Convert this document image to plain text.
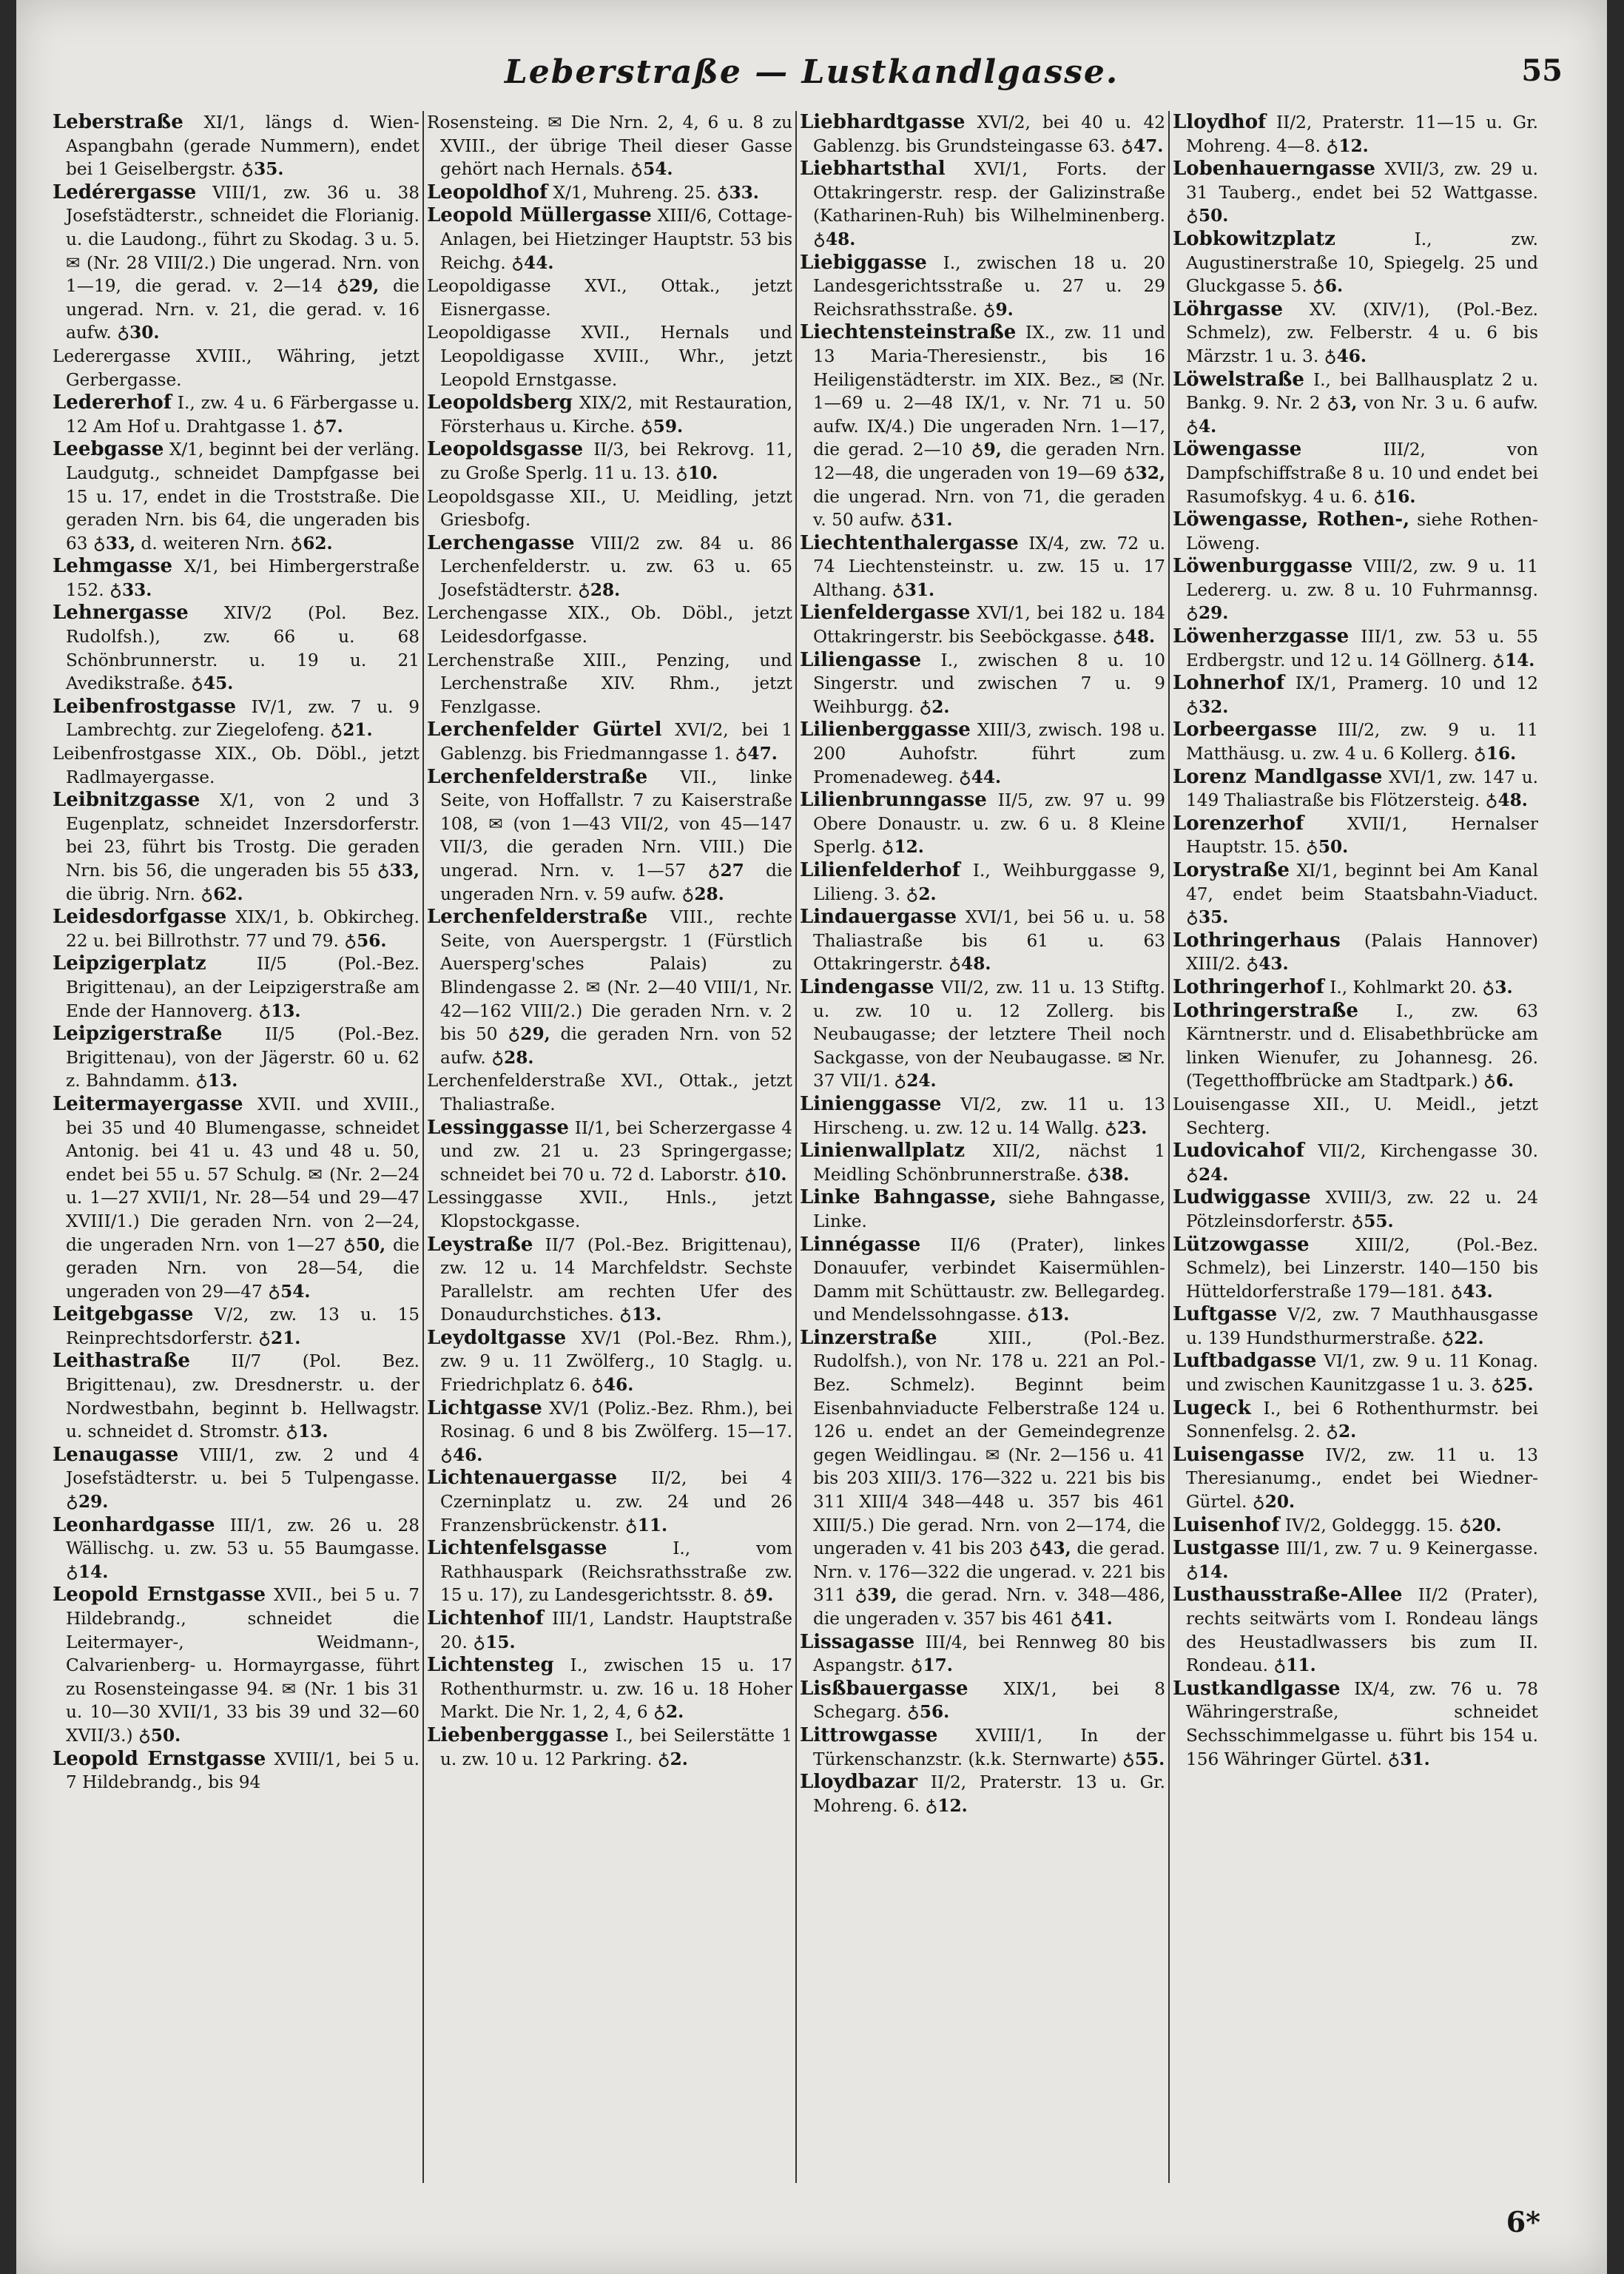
Leberstraße — Lustkandlgasse.	55

Leberstraße XI/1, längs d. Wien-Aspangbahn (gerade Nummern), endet bei 1 Geiselbergstr. ♁35.

Ledérergasse VIII/1, zw. 36 u. 38 Josefstädterstr., schneidet die Florianig. u. die Laudong., führt zu Skodag. 3 u. 5. ✉ (Nr. 28 VIII/2.) Die ungerad. Nrn. von 1—19, die gerad. v. 2—14 ♁29, die ungerad. Nrn. v. 21, die gerad. v. 16 aufw. ♁30.

Lederergasse XVIII., Währing, jetzt Gerbergasse.

Ledererhof I., zw. 4 u. 6 Färbergasse u. 12 Am Hof u. Drahtgasse 1. ♁7.

Leebgasse X/1, beginnt bei der verläng. Laudgutg., schneidet Dampfgasse bei 15 u. 17, endet in die Troststraße. Die geraden Nrn. bis 64, die ungeraden bis 63 ♁33, d. weiteren Nrn. ♁62.

Lehmgasse X/1, bei Himbergerstraße 152. ♁33.

Lehnergasse XIV/2 (Pol. Bez. Rudolfsh.), zw. 66 u. 68 Schönbrunnerstr. u. 19 u. 21 Avedikstraße. ♁45.

Leibenfrostgasse IV/1, zw. 7 u. 9 Lambrechtg. zur Ziegelofeng. ♁21.

Leibenfrostgasse XIX., Ob. Döbl., jetzt Radlmayergasse.

Leibnitzgasse X/1, von 2 und 3 Eugenplatz, schneidet Inzersdorferstr. bei 23, führt bis Trostg. Die geraden Nrn. bis 56, die ungeraden bis 55 ♁33, die übrig. Nrn. ♁62.

Leidesdorfgasse XIX/1, b. Obkircheg. 22 u. bei Billrothstr. 77 und 79. ♁56.

Leipzigerplatz II/5 (Pol.-Bez. Brigittenau), an der Leipzigerstraße am Ende der Hannoverg. ♁13.

Leipzigerstraße II/5 (Pol.-Bez. Brigittenau), von der Jägerstr. 60 u. 62 z. Bahndamm. ♁13.

Leitermayergasse XVII. und XVIII., bei 35 und 40 Blumengasse, schneidet Antonig. bei 41 u. 43 und 48 u. 50, endet bei 55 u. 57 Schulg. ✉ (Nr. 2—24 u. 1—27 XVII/1, Nr. 28—54 und 29—47 XVIII/1.) Die geraden Nrn. von 2—24, die ungeraden Nrn. von 1—27 ♁50, die geraden Nrn. von 28—54, die ungeraden von 29—47 ♁54.

Leitgebgasse V/2, zw. 13 u. 15 Reinprechtsdorferstr. ♁21.

Leithastraße II/7 (Pol. Bez. Brigittenau), zw. Dresdnerstr. u. der Nordwestbahn, beginnt b. Hellwagstr. u. schneidet d. Stromstr. ♁13.

Lenaugasse VIII/1, zw. 2 und 4 Josefstädterstr. u. bei 5 Tulpengasse. ♁29.

Leonhardgasse III/1, zw. 26 u. 28 Wällischg. u. zw. 53 u. 55 Baumgasse. ♁14.

Leopold Ernstgasse XVII., bei 5 u. 7 Hildebrandg., schneidet die Leitermayer-, Weidmann-, Calvarienberg- u. Hormayrgasse, führt zu Rosensteingasse 94. ✉ (Nr. 1 bis 31 u. 10—30 XVII/1, 33 bis 39 und 32—60 XVII/3.) ♁50.

Leopold Ernstgasse XVIII/1, bei 5 u. 7 Hildebrandg., bis 94

Rosensteing. ✉ Die Nrn. 2, 4, 6 u. 8 zu XVIII., der übrige Theil dieser Gasse gehört nach Hernals. ♁54.

Leopoldhof X/1, Muhreng. 25. ♁33.

Leopold Müllergasse XIII/6, Cottage-Anlagen, bei Hietzinger Hauptstr. 53 bis Reichg. ♁44.

Leopoldigasse XVI., Ottak., jetzt Eisnergasse.

Leopoldigasse XVII., Hernals und Leopoldigasse XVIII., Whr., jetzt Leopold Ernstgasse.

Leopoldsberg XIX/2, mit Restauration, Försterhaus u. Kirche. ♁59.

Leopoldsgasse II/3, bei Rekrovg. 11, zu Große Sperlg. 11 u. 13. ♁10.

Leopoldsgasse XII., U. Meidling, jetzt Griesbofg.

Lerchengasse VIII/2 zw. 84 u. 86 Lerchenfelderstr. u. zw. 63 u. 65 Josefstädterstr. ♁28.

Lerchengasse XIX., Ob. Döbl., jetzt Leidesdorfgasse.

Lerchenstraße XIII., Penzing, und Lerchenstraße XIV. Rhm., jetzt Fenzlgasse.

Lerchenfelder Gürtel XVI/2, bei 1 Gablenzg. bis Friedmanngasse 1. ♁47.

Lerchenfelderstraße VII., linke Seite, von Hoffallstr. 7 zu Kaiserstraße 108, ✉ (von 1—43 VII/2, von 45—147 VII/3, die geraden Nrn. VIII.) Die ungerad. Nrn. v. 1—57 ♁27 die ungeraden Nrn. v. 59 aufw. ♁28.

Lerchenfelderstraße VIII., rechte Seite, von Auerspergstr. 1 (Fürstlich Auersperg'sches Palais) zu Blindengasse 2. ✉ (Nr. 2—40 VIII/1, Nr. 42—162 VIII/2.) Die geraden Nrn. v. 2 bis 50 ♁29, die geraden Nrn. von 52 aufw. ♁28.

Lerchenfelderstraße XVI., Ottak., jetzt Thaliastraße.

Lessinggasse II/1, bei Scherzergasse 4 und zw. 21 u. 23 Springergasse; schneidet bei 70 u. 72 d. Laborstr. ♁10.

Lessinggasse XVII., Hnls., jetzt Klopstockgasse.

Leystraße II/7 (Pol.-Bez. Brigittenau), zw. 12 u. 14 Marchfeldstr. Sechste Parallelstr. am rechten Ufer des Donaudurchstiches. ♁13.

Leydoltgasse XV/1 (Pol.-Bez. Rhm.), zw. 9 u. 11 Zwölferg., 10 Staglg. u. Friedrichplatz 6. ♁46.

Lichtgasse XV/1 (Poliz.-Bez. Rhm.), bei Rosinag. 6 und 8 bis Zwölferg. 15—17. ♁46.

Lichtenauergasse II/2, bei 4 Czerninplatz u. zw. 24 und 26 Franzensbrückenstr. ♁11.

Lichtenfelsgasse I., vom Rathhauspark (Reichsrathsstraße zw. 15 u. 17), zu Landesgerichtsstr. 8. ♁9.

Lichtenhof III/1, Landstr. Hauptstraße 20. ♁15.

Lichtensteg I., zwischen 15 u. 17 Rothenthurmstr. u. zw. 16 u. 18 Hoher Markt. Die Nr. 1, 2, 4, 6 ♁2.

Liebenberggasse I., bei Seilerstätte 1 u. zw. 10 u. 12 Parkring. ♁2.

Liebhardtgasse XVI/2, bei 40 u. 42 Gablenzg. bis Grundsteingasse 63. ♁47.

Liebhartsthal XVI/1, Forts. der Ottakringerstr. resp. der Galizinstraße (Katharinen-Ruh) bis Wilhelminenberg. ♁48.

Liebiggasse I., zwischen 18 u. 20 Landesgerichtsstraße u. 27 u. 29 Reichsrathsstraße. ♁9.

Liechtensteinstraße IX., zw. 11 und 13 Maria-Theresienstr., bis 16 Heiligenstädterstr. im XIX. Bez., ✉ (Nr. 1—69 u. 2—48 IX/1, v. Nr. 71 u. 50 aufw. IX/4.) Die ungeraden Nrn. 1—17, die gerad. 2—10 ♁9, die geraden Nrn. 12—48, die ungeraden von 19—69 ♁32, die ungerad. Nrn. von 71, die geraden v. 50 aufw. ♁31.

Liechtenthalergasse IX/4, zw. 72 u. 74 Liechtensteinstr. u. zw. 15 u. 17 Althang. ♁31.

Lienfeldergasse XVI/1, bei 182 u. 184 Ottakringerstr. bis Seeböckgasse. ♁48.

Liliengasse I., zwischen 8 u. 10 Singerstr. und zwischen 7 u. 9 Weihburgg. ♁2.

Lilienberggasse XIII/3, zwisch. 198 u. 200 Auhofstr. führt zum Promenadeweg. ♁44.

Lilienbrunngasse II/5, zw. 97 u. 99 Obere Donaustr. u. zw. 6 u. 8 Kleine Sperlg. ♁12.

Lilienfelderhof I., Weihburggasse 9, Lilieng. 3. ♁2.

Lindauergasse XVI/1, bei 56 u. u. 58 Thaliastraße bis 61 u. 63 Ottakringerstr. ♁48.

Lindengasse VII/2, zw. 11 u. 13 Stiftg. u. zw. 10 u. 12 Zollerg. bis Neubaugasse; der letztere Theil noch Sackgasse, von der Neubaugasse. ✉ Nr. 37 VII/1. ♁24.

Linienggasse VI/2, zw. 11 u. 13 Hirscheng. u. zw. 12 u. 14 Wallg. ♁23.

Linienwallplatz XII/2, nächst 1 Meidling Schönbrunnerstraße. ♁38.

Linke Bahngasse, siehe Bahngasse, Linke.

Linnégasse II/6 (Prater), linkes Donauufer, verbindet Kaisermühlen-Damm mit Schüttaustr. zw. Bellegardeg. und Mendelssohngasse. ♁13.

Linzerstraße XIII., (Pol.-Bez. Rudolfsh.), von Nr. 178 u. 221 an Pol.-Bez. Schmelz). Beginnt beim Eisenbahnviaducte Felberstraße 124 u. 126 u. endet an der Gemeindegrenze gegen Weidlingau. ✉ (Nr. 2—156 u. 41 bis 203 XIII/3. 176—322 u. 221 bis bis 311 XIII/4 348—448 u. 357 bis 461 XIII/5.) Die gerad. Nrn. von 2—174, die ungeraden v. 41 bis 203 ♁43, die gerad. Nrn. v. 176—322 die ungerad. v. 221 bis 311 ♁39, die gerad. Nrn. v. 348—486, die ungeraden v. 357 bis 461 ♁41.

Lissagasse III/4, bei Rennweg 80 bis Aspangstr. ♁17.

Lisßbauergasse XIX/1, bei 8 Schegarg. ♁56.

Littrowgasse XVIII/1, In der Türkenschanzstr. (k.k. Sternwarte) ♁55.

Lloydbazar II/2, Praterstr. 13 u. Gr. Mohreng. 6. ♁12.

Lloydhof II/2, Praterstr. 11—15 u. Gr. Mohreng. 4—8. ♁12.

Lobenhauerngasse XVII/3, zw. 29 u. 31 Tauberg., endet bei 52 Wattgasse. ♁50.

Lobkowitzplatz I., zw. Augustinerstraße 10, Spiegelg. 25 und Gluckgasse 5. ♁6.

Löhrgasse XV. (XIV/1), (Pol.-Bez. Schmelz), zw. Felberstr. 4 u. 6 bis Märzstr. 1 u. 3. ♁46.

Löwelstraße I., bei Ballhausplatz 2 u. Bankg. 9. Nr. 2 ♁3, von Nr. 3 u. 6 aufw. ♁4.

Löwengasse III/2, von Dampfschiffstraße 8 u. 10 und endet bei Rasumofskyg. 4 u. 6. ♁16.

Löwengasse, Rothen-, siehe Rothen-Löweng.

Löwenburggasse VIII/2, zw. 9 u. 11 Ledererg. u. zw. 8 u. 10 Fuhrmannsg. ♁29.

Löwenherzgasse III/1, zw. 53 u. 55 Erdbergstr. und 12 u. 14 Göllnerg. ♁14.

Lohnerhof IX/1, Pramerg. 10 und 12 ♁32.

Lorbeergasse III/2, zw. 9 u. 11 Matthäusg. u. zw. 4 u. 6 Kollerg. ♁16.

Lorenz Mandlgasse XVI/1, zw. 147 u. 149 Thaliastraße bis Flötzersteig. ♁48.

Lorenzerhof XVII/1, Hernalser Hauptstr. 15. ♁50.

Lorystraße XI/1, beginnt bei Am Kanal 47, endet beim Staatsbahn-Viaduct. ♁35.

Lothringerhaus (Palais Hannover) XIII/2. ♁43.

Lothringerhof I., Kohlmarkt 20. ♁3.

Lothringerstraße I., zw. 63 Kärntnerstr. und d. Elisabethbrücke am linken Wienufer, zu Johannesg. 26. (Tegetthoffbrücke am Stadtpark.) ♁6.

Louisengasse XII., U. Meidl., jetzt Sechterg.

Ludovicahof VII/2, Kirchengasse 30. ♁24.

Ludwiggasse XVIII/3, zw. 22 u. 24 Pötzleinsdorferstr. ♁55.

Lützowgasse XIII/2, (Pol.-Bez. Schmelz), bei Linzerstr. 140—150 bis Hütteldorferstraße 179—181. ♁43.

Luftgasse V/2, zw. 7 Mauthhausgasse u. 139 Hundsthurmerstraße. ♁22.

Luftbadgasse VI/1, zw. 9 u. 11 Konag. und zwischen Kaunitzgasse 1 u. 3. ♁25.

Lugeck I., bei 6 Rothenthurmstr. bei Sonnenfelsg. 2. ♁2.

Luisengasse IV/2, zw. 11 u. 13 Theresianumg., endet bei Wiedner-Gürtel. ♁20.

Luisenhof IV/2, Goldeggg. 15. ♁20.

Lustgasse III/1, zw. 7 u. 9 Keinergasse. ♁14.

Lusthausstraße-Allee II/2 (Prater), rechts seitwärts vom I. Rondeau längs des Heustadlwassers bis zum II. Rondeau. ♁11.

Lustkandlgasse IX/4, zw. 76 u. 78 Währingerstraße, schneidet Sechsschimmelgasse u. führt bis 154 u. 156 Währinger Gürtel. ♁31.

6*
